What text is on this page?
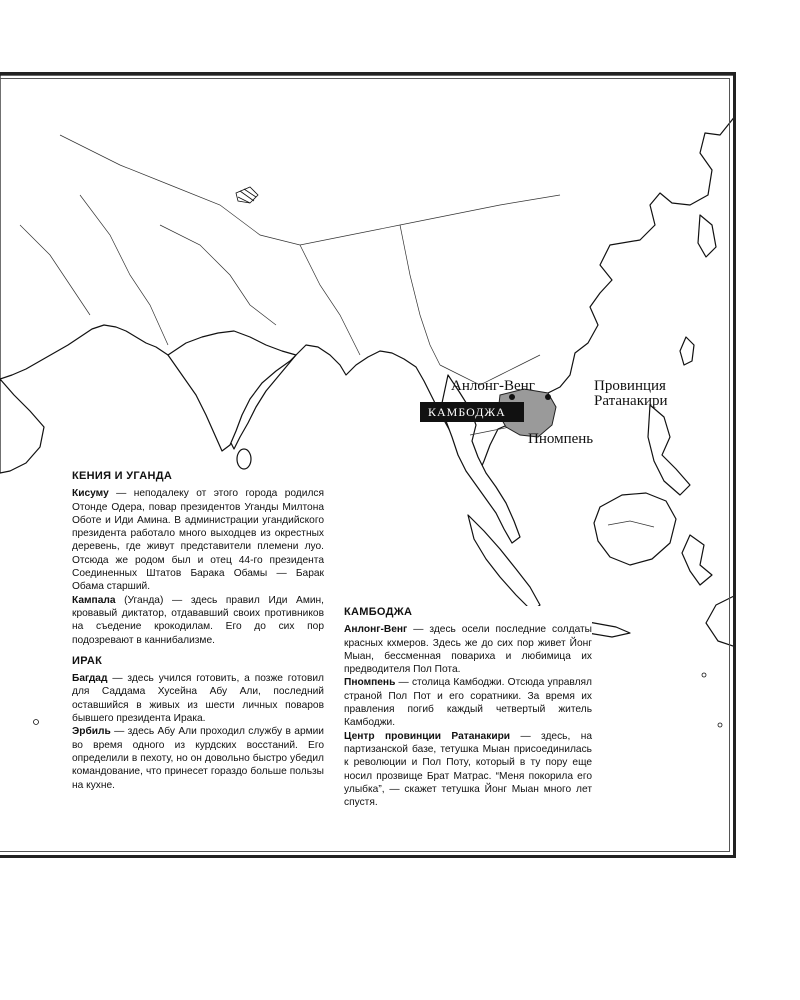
КАМБОДЖА
Анлонг-Венг	Провинция
Ратанакири
Пномпень
КЕНИЯ И УГАНДА

Кисуму — неподалеку от этого города родился Отонде Одера, повар президентов Уганды Милтона Оботе и Иди Амина. В администрации угандийского президента работало много выходцев из окрестных деревень, где живут представители племени луо. Отсюда же родом был и отец 44-го президента Соединенных Штатов Барака Обамы — Барак Обама старший.

Кампала (Уганда) — здесь правил Иди Амин, кровавый диктатор, отдававший своих противников на съедение крокодилам. Его до сих пор подозревают в каннибализме.

ИРАК

Багдад — здесь учился готовить, а позже готовил для Саддама Хусейна Абу Али, последний оставшийся в живых из шести личных поваров бывшего президента Ирака.

Эрбиль — здесь Абу Али проходил службу в армии во время одного из курдских восстаний. Его определили в пехоту, но он довольно быстро убедил командование, что принесет гораздо больше пользы на кухне.

КАМБОДЖА

Анлонг-Венг — здесь осели последние солдаты красных кхмеров. Здесь же до сих пор живет Йонг Мыан, бессменная повариха и любимица их предводителя Пол Пота.

Пномпень — столица Камбоджи. Отсюда управлял страной Пол Пот и его соратники. За время их правления погиб каждый четвертый житель Камбоджи.

Центр провинции Ратанакири — здесь, на партизанской базе, тетушка Мыан присоединилась к революции и Пол Потy, который в ту пору еще носил прозвище Брат Матрас. “Меня покорила его улыбка”, — скажет тетушка Йонг Мыан много лет спустя.
